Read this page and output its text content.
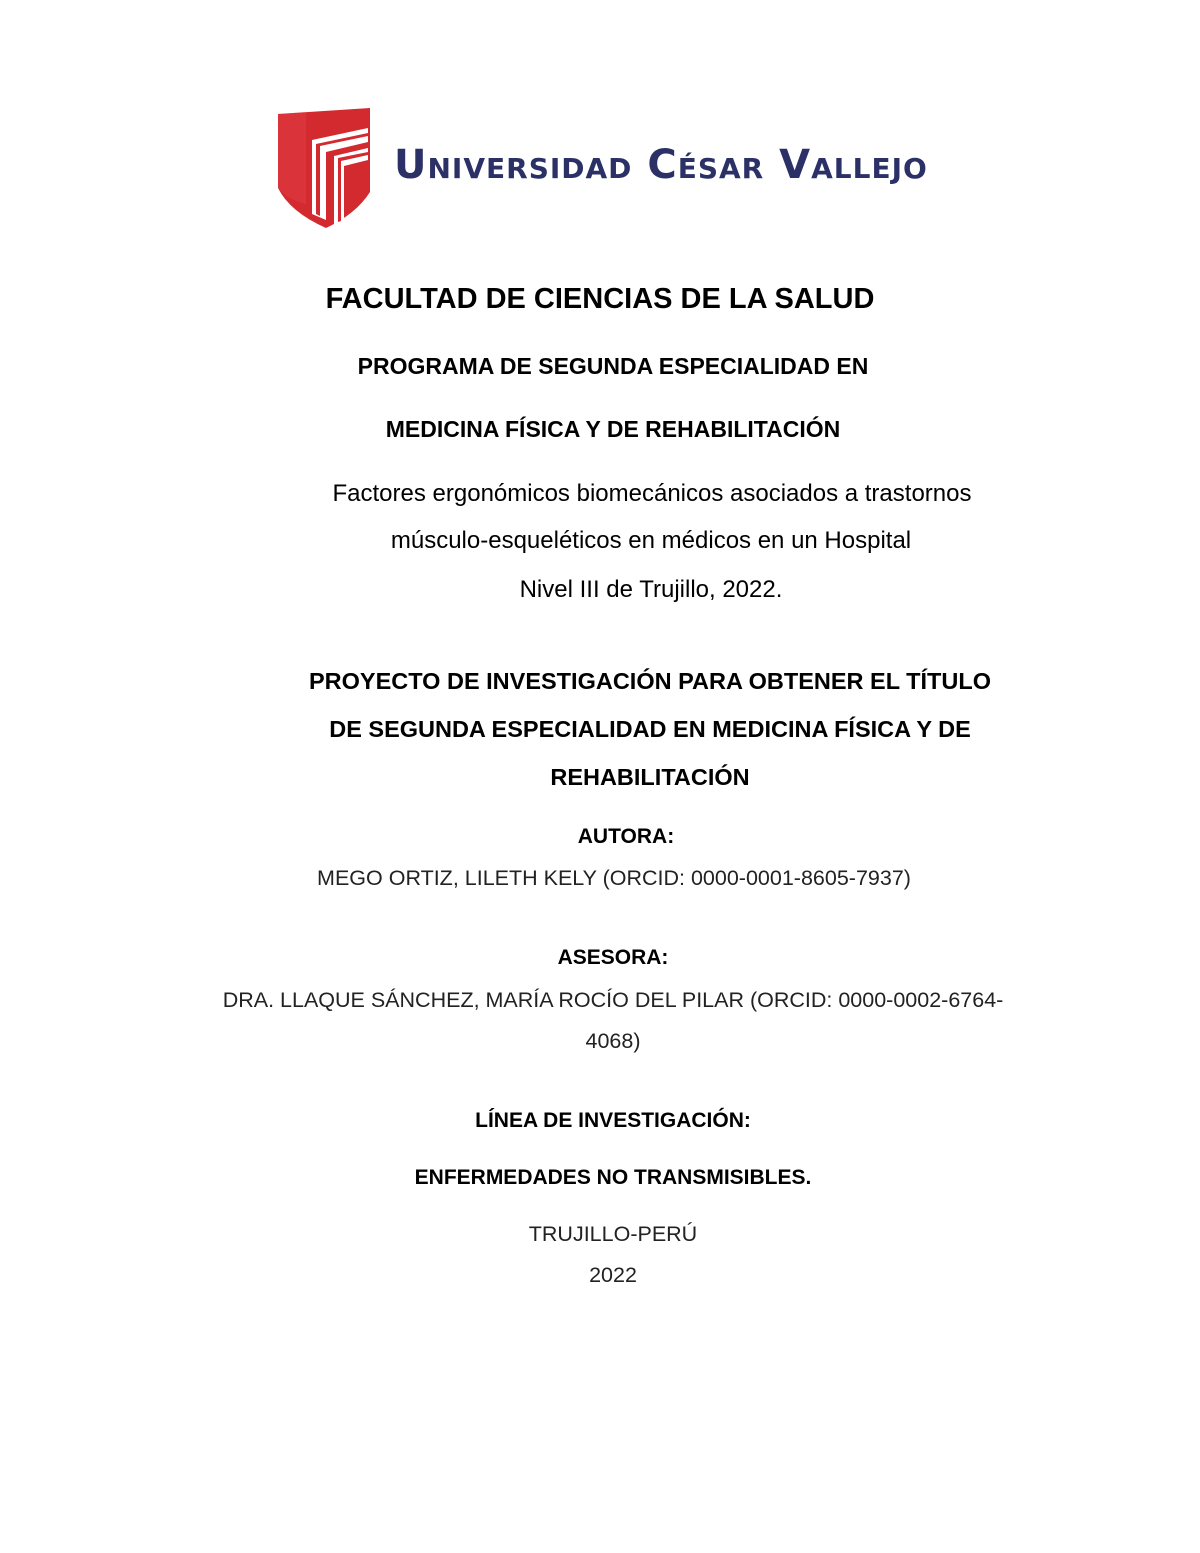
Universidad César Vallejo
FACULTAD DE CIENCIAS DE LA SALUD
PROGRAMA DE SEGUNDA ESPECIALIDAD EN
MEDICINA FÍSICA Y DE REHABILITACIÓN
Factores ergonómicos biomecánicos asociados a trastornos
músculo-esqueléticos en médicos en un Hospital
Nivel III de Trujillo, 2022.
PROYECTO DE INVESTIGACIÓN PARA OBTENER EL TÍTULO
DE SEGUNDA ESPECIALIDAD EN MEDICINA FÍSICA Y DE
REHABILITACIÓN
AUTORA:
MEGO ORTIZ, LILETH KELY (ORCID: 0000-0001-8605-7937)
ASESORA:
DRA. LLAQUE SÁNCHEZ, MARÍA ROCÍO DEL PILAR (ORCID: 0000-0002-6764-
4068)
LÍNEA DE INVESTIGACIÓN:
ENFERMEDADES NO TRANSMISIBLES.
TRUJILLO-PERÚ
2022
